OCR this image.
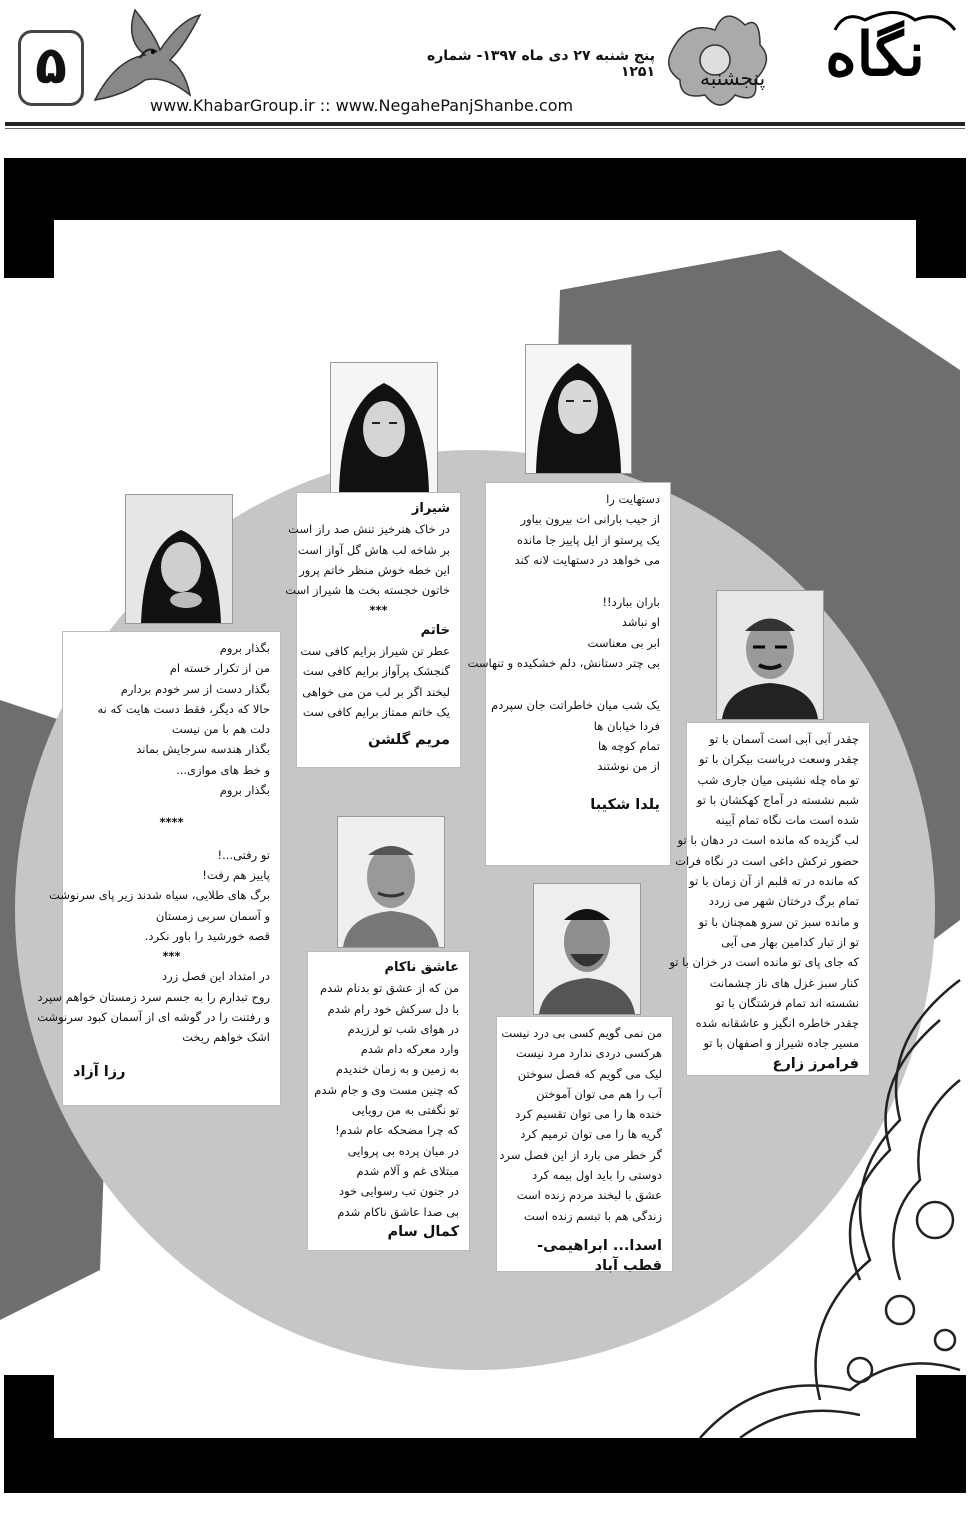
۵	پنج شنبه ۲۷ دی ماه ۱۳۹۷- شماره ۱۲۵۱
www.KhabarGroup.ir :: www.NegahePanjShanbe.com
نگاه
پنجشنبه
دستهایت را
از جیب بارانی ات بیرون بیاور
یک پرستو از ایل پاییز جا مانده
می خواهد در دستهایت لانه کند
باران ببارد!!
او نباشد
ابر بی معناست
بی چتر دستانش، دلم خشکیده و تنهاست
یک شب میان خاطراتت جان سپردم
فردا خیابان ها
تمام کوچه ها
از من نوشتند
یلدا شکیبا
شیراز
در خاک هنرخیز تنش صد راز است
بر شاخه لب هاش گل آواز است
این خطه خوش منظر خاتم پرور
خاتون خجسته بخت ها شیراز است
***
خاتم
عطر تن شیراز برایم کافی ست
گنجشک پرآواز برایم کافی ست
لبخند اگر بر لب من می خواهی
یک خاتم ممتاز برایم کافی ست
مریم گلشن
بگذار بروم
من از تکرار خسته ام
بگذار دست از سر خودم بردارم
حالا که دیگر، فقط دست هایت که نه
دلت هم با من نیست
بگذار هندسه سرجایش بماند
و خط های موازی...
بگذار بروم
****
تو رفتی...!
پاییز هم رفت!
برگ های طلایی، سیاه شدند زیر پای سرنوشت
و آسمان سربی زمستان
قصه خورشید را باور نکرد.
***
در امتداد این فصل زرد
روح تبدارم را به جسم سرد زمستان خواهم سپرد
و رفتنت را در گوشه ای از آسمان کبود سرنوشت
اشک خواهم ریخت
رزا آزاد
چقدر آبی آبی است آسمان با تو
چقدر وسعت دریاست بیکران با تو
تو ماه چله نشینی میان جاری شب
شبم نشسته در آماج کهکشان با تو
شده است مات نگاه تمام آیینه
لب گزیده که مانده است در دهان با تو
حضور ترکش داغی است در نگاه فرات
که مانده در ته قلبم از آن زمان با تو
تمام برگ درختان شهر می زردد
و مانده سبز تن سرو همچنان با تو
تو از تبار کدامین بهار می آیی
که جای پای تو مانده است در خزان با تو
کنار سبز غزل های ناز چشمانت
نشسته اند تمام فرشتگان با تو
چقدر خاطره انگیز و عاشقانه شده
مسیر جاده شیراز و اصفهان با تو
فرامرز زارع
عاشق ناکام
من که از عشق تو بدنام شدم
با دل سرکش خود رام شدم
در هوای شب تو لرزیدم
وارد معرکه دام شدم
به زمین و به زمان خندیدم
که چنین مست وی و جام شدم
تو نگفتی به من رویایی
که چرا مضحکه عام شدم!
در میان پرده بی پروایی
مبتلای غم و آلام شدم
در جنون تب رسوایی خود
بی صدا عاشق ناکام شدم
کمال سام
من نمی گویم کسی بی درد نیست
هرکسی دردی ندارد مرد نیست
لیک می گویم که فصل سوختن
آب را هم می توان آموختن
خنده ها را می توان تقسیم کرد
گریه ها را می توان ترمیم کرد
گر خطر می بارد از این فصل سرد
دوستی را باید اول بیمه کرد
عشق با لبخند مردم زنده است
زندگی هم با تبسم زنده است
اسدا... ابراهیمی- قطب آباد
